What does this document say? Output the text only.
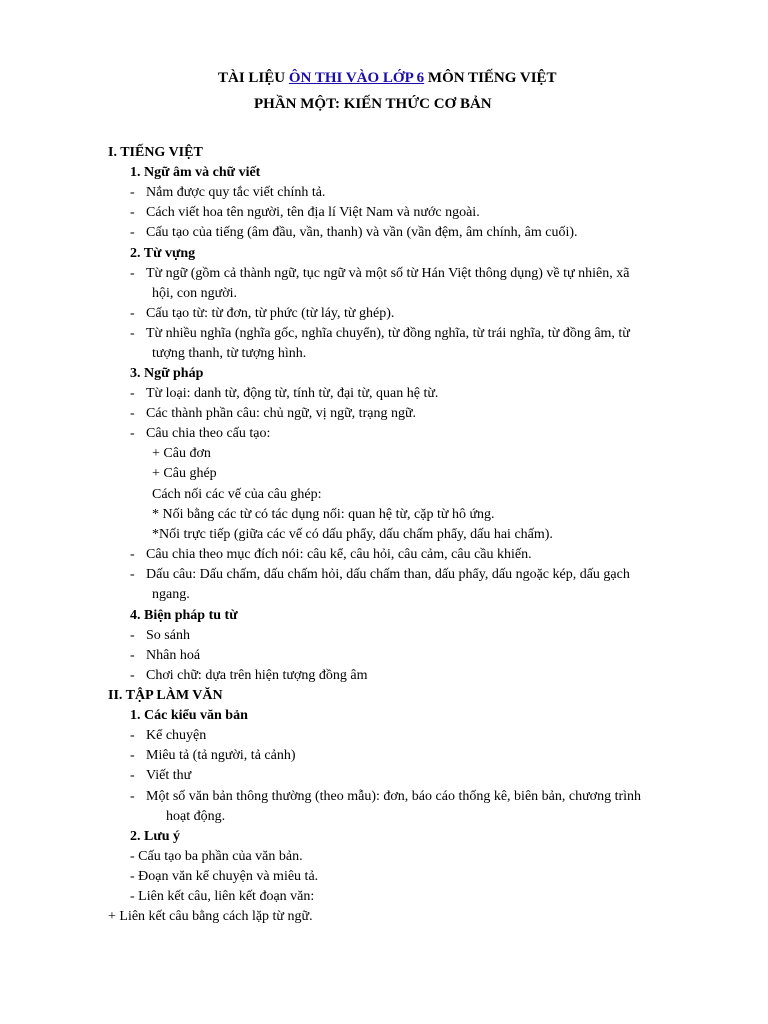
TÀI LIỆU ÔN THI VÀO LỚP 6 MÔN TIẾNG VIỆT
PHẦN MỘT: KIẾN THỨC CƠ BẢN
I. TIẾNG VIỆT
1. Ngữ âm và chữ viết
- Nắm được quy tắc viết chính tả.
- Cách viết hoa tên người, tên địa lí Việt Nam và nước ngoài.
- Cấu tạo của tiếng (âm đầu, vần, thanh) và vần (vần đệm, âm chính, âm cuối).
2. Từ vựng
- Từ ngữ (gồm cả thành ngữ, tục ngữ và một số từ Hán Việt thông dụng) về tự nhiên, xã
hội, con người.
- Cấu tạo từ: từ đơn, từ phức (từ láy, từ ghép).
- Từ nhiều nghĩa (nghĩa gốc, nghĩa chuyển), từ đồng nghĩa, từ trái nghĩa, từ đồng âm, từ
tượng thanh, từ tượng hình.
3. Ngữ pháp
- Từ loại: danh từ, động từ, tính từ, đại từ, quan hệ từ.
- Các thành phần câu: chủ ngữ, vị ngữ, trạng ngữ.
- Câu chia theo cấu tạo:
+ Câu đơn
+ Câu ghép
Cách nối các vế của câu ghép:
* Nối bằng các từ có tác dụng nối: quan hệ từ, cặp từ hô ứng.
*Nối trực tiếp (giữa các vế có dấu phẩy, dấu chấm phẩy, dấu hai chấm).
- Câu chia theo mục đích nói: câu kể, câu hỏi, câu cảm, câu cầu khiến.
- Dấu câu: Dấu chấm, dấu chấm hỏi, dấu chấm than, dấu phẩy, dấu ngoặc kép, dấu gạch
ngang.
4. Biện pháp tu từ
- So sánh
- Nhân hoá
- Chơi chữ: dựa trên hiện tượng đồng âm
II. TẬP LÀM VĂN
1. Các kiểu văn bản
- Kể chuyện
- Miêu tả (tả người, tả cảnh)
- Viết thư
- Một số văn bản thông thường (theo mẫu): đơn, báo cáo thống kê, biên bản, chương trình
hoạt động.
2. Lưu ý
- Cấu tạo ba phần của văn bản.
- Đoạn văn kể chuyện và miêu tả.
- Liên kết câu, liên kết đoạn văn:
+ Liên kết câu bằng cách lặp từ ngữ.
